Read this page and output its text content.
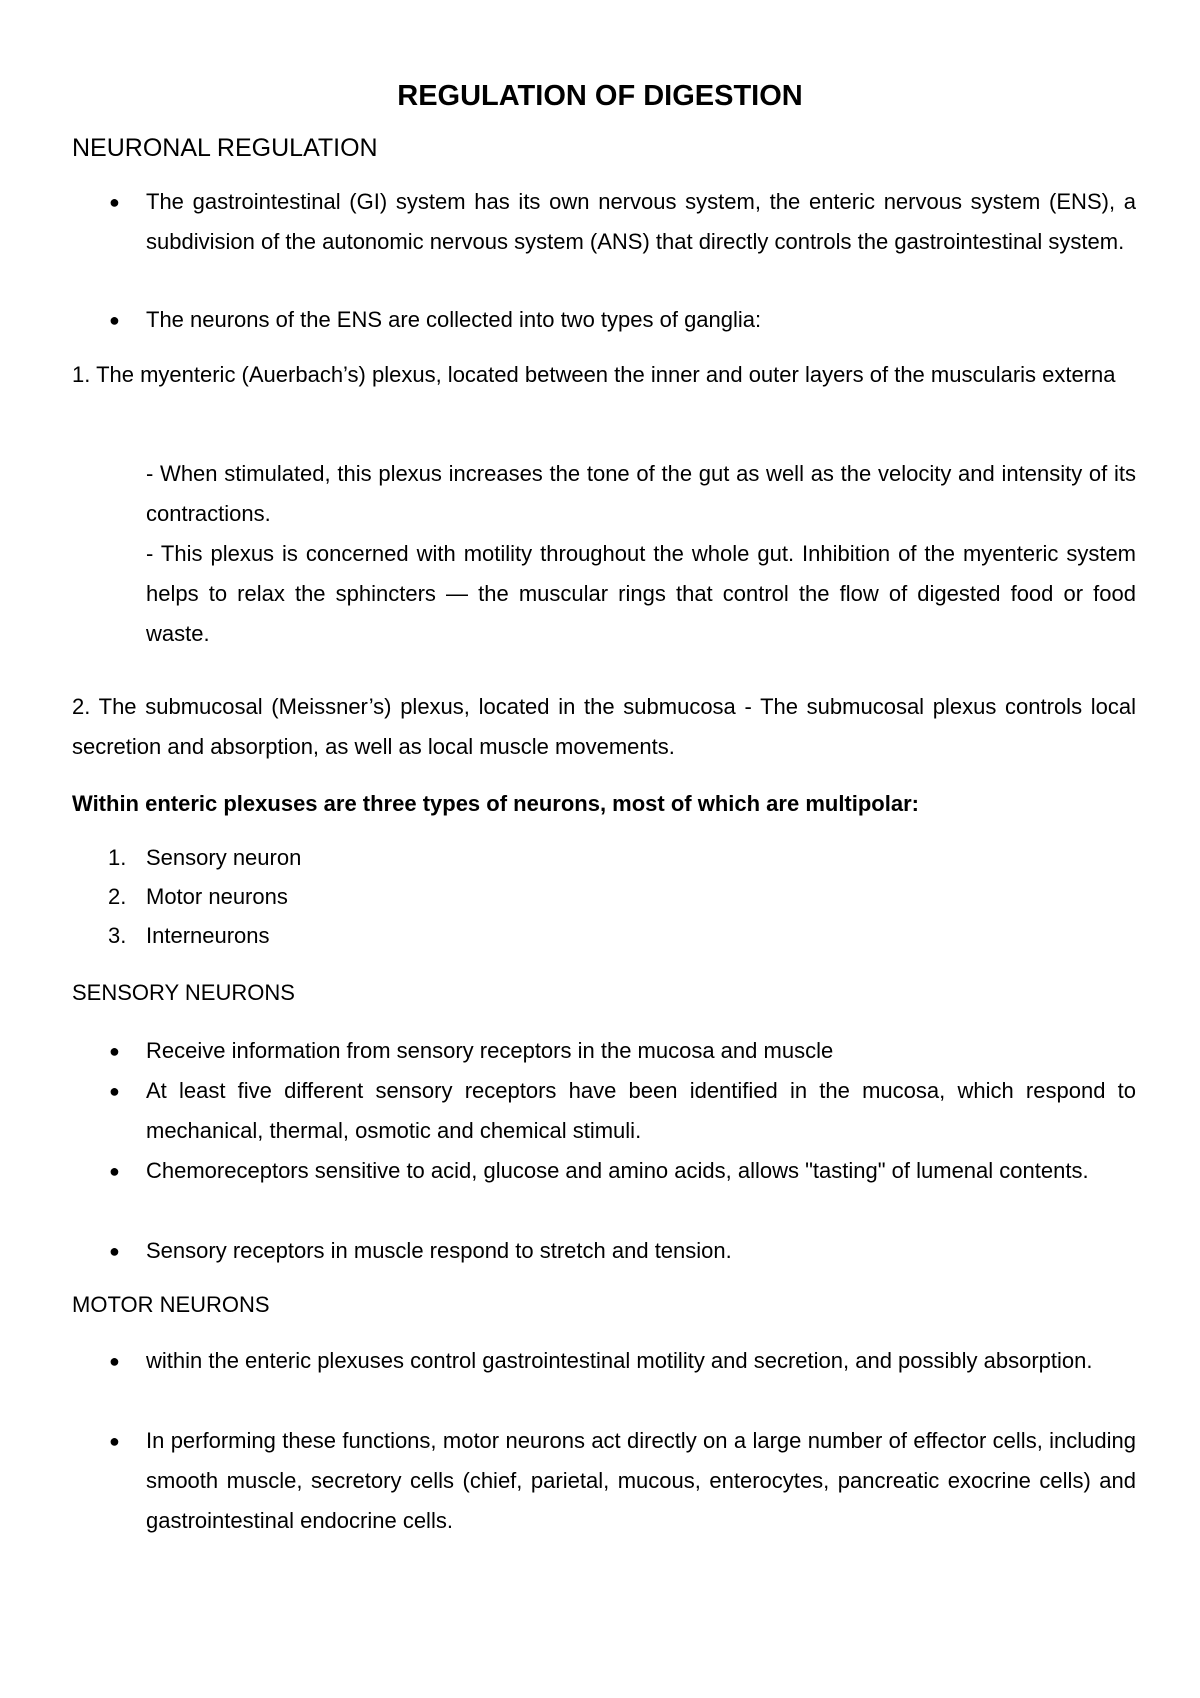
REGULATION OF DIGESTION
NEURONAL REGULATION
● The gastrointestinal (GI) system has its own nervous system, the enteric nervous system (ENS), a subdivision of the autonomic nervous system (ANS) that directly controls the gastrointestinal system.
● The neurons of the ENS are collected into two types of ganglia:
1. The myenteric (Auerbach’s) plexus, located between the inner and outer layers of the muscularis externa
- When stimulated, this plexus increases the tone of the gut as well as the velocity and intensity of its contractions.
- This plexus is concerned with motility throughout the whole gut. Inhibition of the myenteric system helps to relax the sphincters — the muscular rings that control the flow of digested food or food waste.
2. The submucosal (Meissner’s) plexus, located in the submucosa - The submucosal plexus controls local secretion and absorption, as well as local muscle movements.
Within enteric plexuses are three types of neurons, most of which are multipolar:
1. Sensory neuron
2. Motor neurons
3. Interneurons
SENSORY NEURONS
● Receive information from sensory receptors in the mucosa and muscle
● At least five different sensory receptors have been identified in the mucosa, which respond to mechanical, thermal, osmotic and chemical stimuli.
● Chemoreceptors sensitive to acid, glucose and amino acids, allows "tasting" of lumenal contents.
● Sensory receptors in muscle respond to stretch and tension.
MOTOR NEURONS
● within the enteric plexuses control gastrointestinal motility and secretion, and possibly absorption.
● In performing these functions, motor neurons act directly on a large number of effector cells, including smooth muscle, secretory cells (chief, parietal, mucous, enterocytes, pancreatic exocrine cells) and gastrointestinal endocrine cells.
